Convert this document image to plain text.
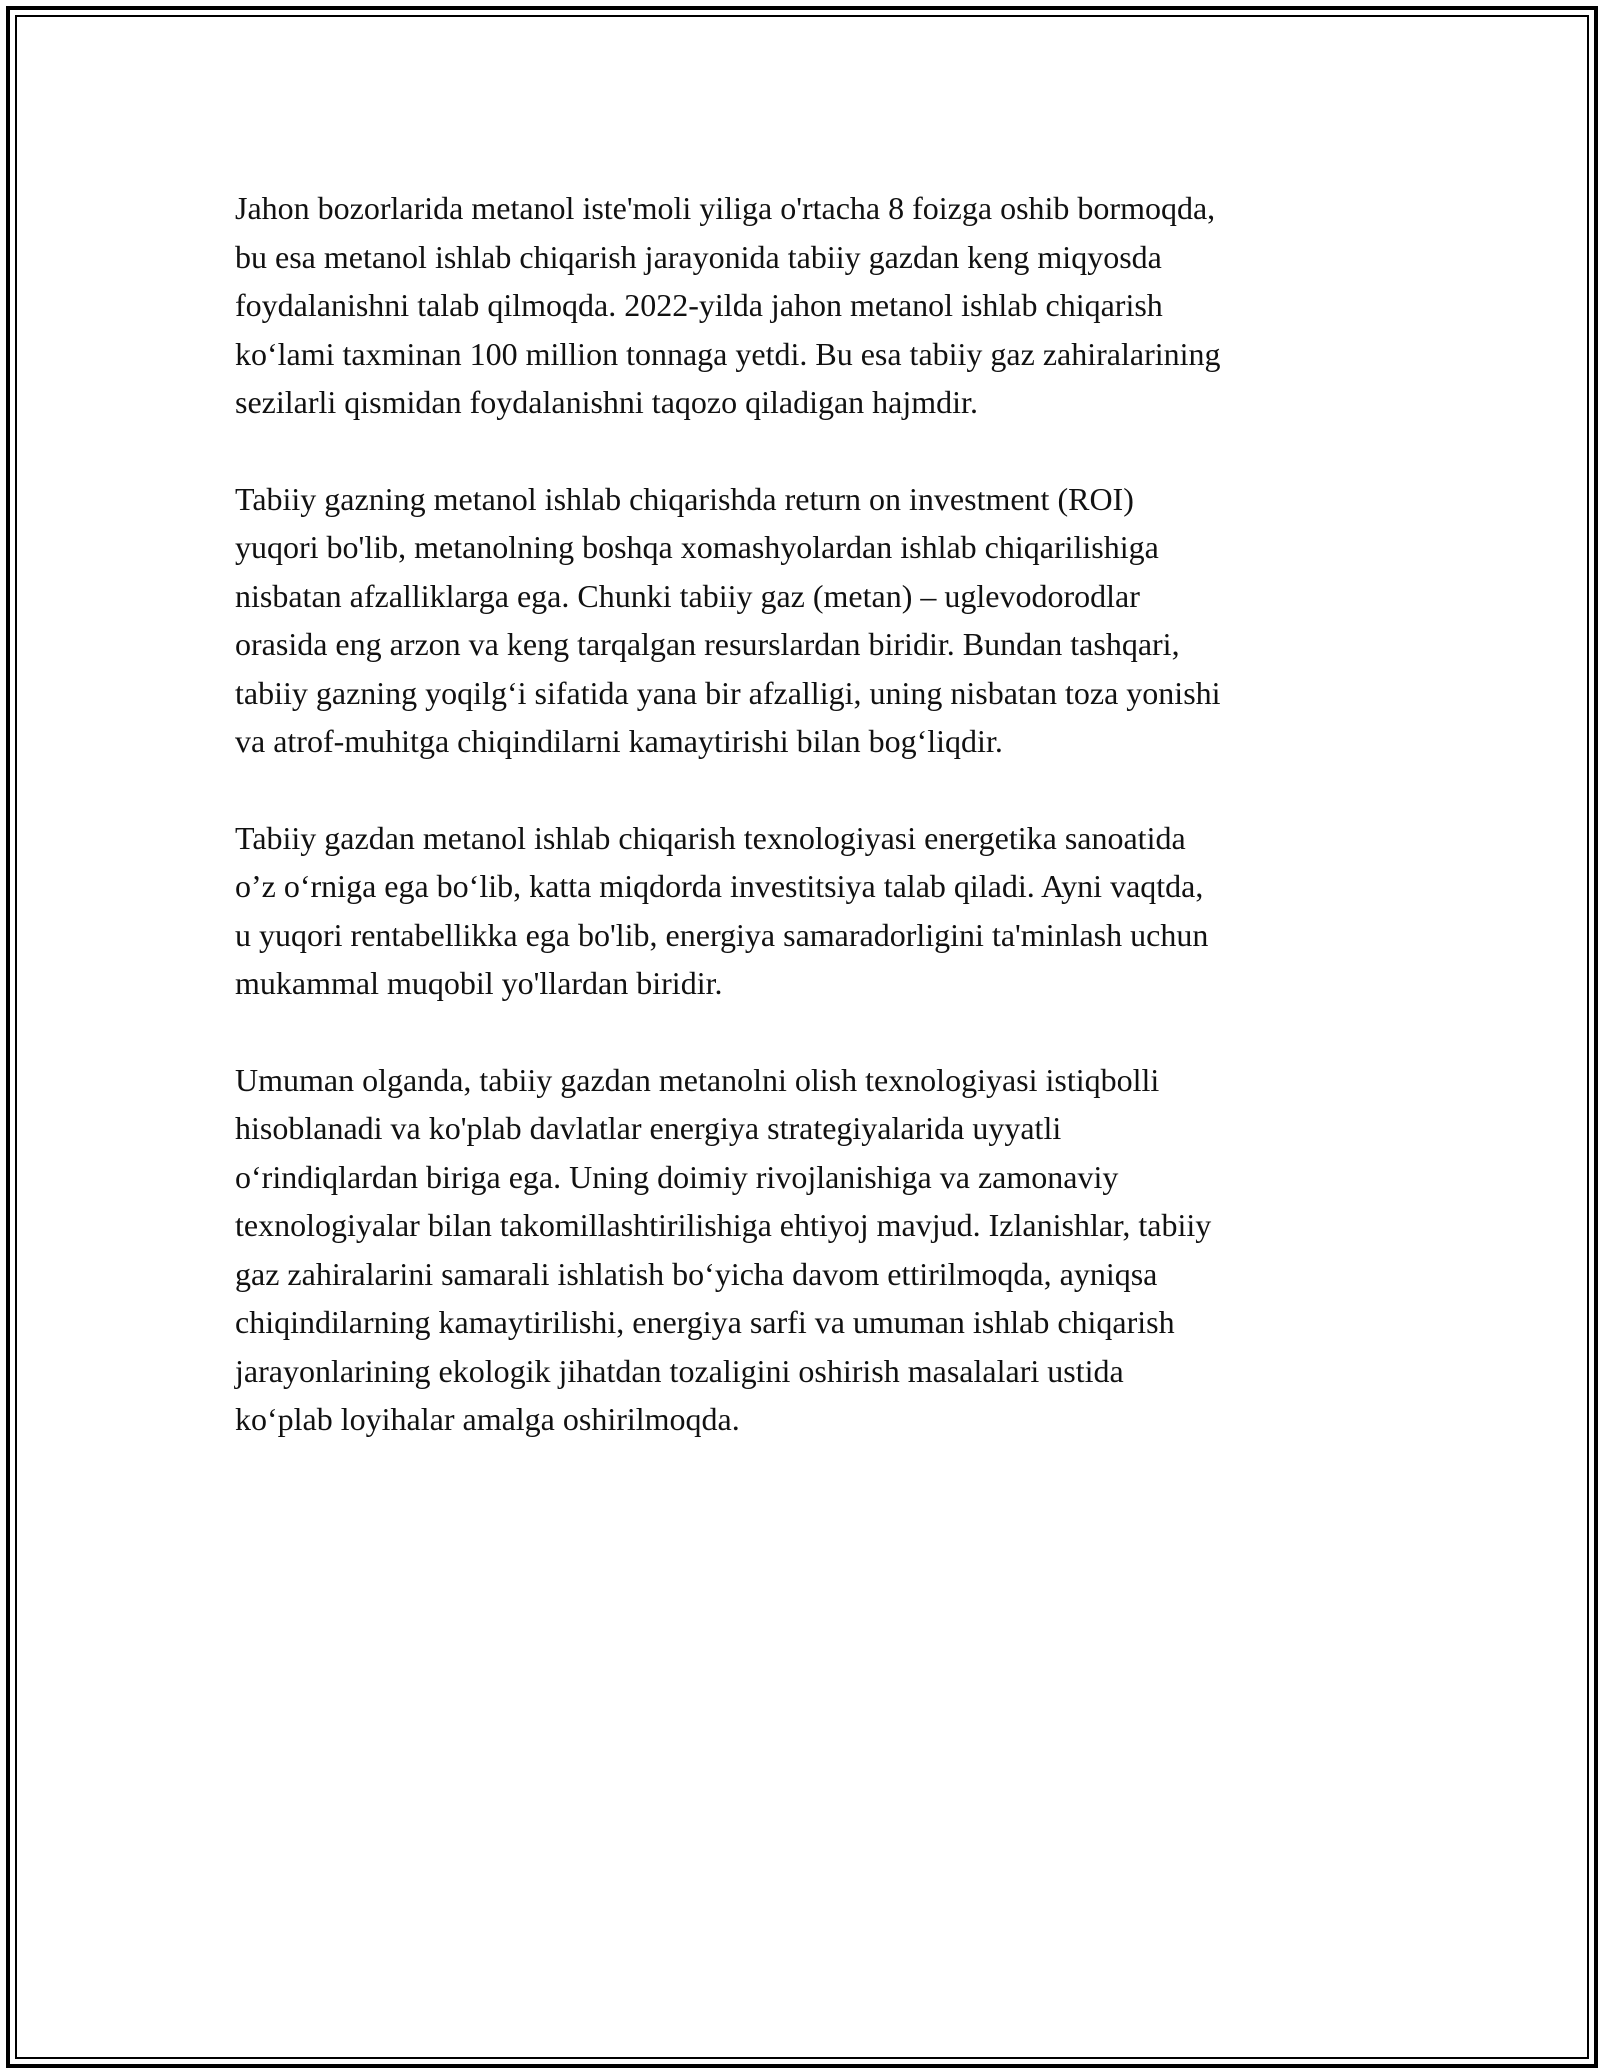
Jahon bozorlarida metanol iste'moli yiliga o'rtacha 8 foizga oshib bormoqda,
bu esa metanol ishlab chiqarish jarayonida tabiiy gazdan keng miqyosda
foydalanishni talab qilmoqda. 2022-yilda jahon metanol ishlab chiqarish
ko‘lami taxminan 100 million tonnaga yetdi. Bu esa tabiiy gaz zahiralarining
sezilarli qismidan foydalanishni taqozo qiladigan hajmdir.

Tabiiy gazning metanol ishlab chiqarishda return on investment (ROI)
yuqori bo'lib, metanolning boshqa xomashyolardan ishlab chiqarilishiga
nisbatan afzalliklarga ega. Chunki tabiiy gaz (metan) – uglevodorodlar
orasida eng arzon va keng tarqalgan resurslardan biridir. Bundan tashqari,
tabiiy gazning yoqilg‘i sifatida yana bir afzalligi, uning nisbatan toza yonishi
va atrof-muhitga chiqindilarni kamaytirishi bilan bog‘liqdir.

Tabiiy gazdan metanol ishlab chiqarish texnologiyasi energetika sanoatida
o’z o‘rniga ega bo‘lib, katta miqdorda investitsiya talab qiladi. Ayni vaqtda,
u yuqori rentabellikka ega bo'lib, energiya samaradorligini ta'minlash uchun
mukammal muqobil yo'llardan biridir.

Umuman olganda, tabiiy gazdan metanolni olish texnologiyasi istiqbolli
hisoblanadi va ko'plab davlatlar energiya strategiyalarida uyyatli
o‘rindiqlardan biriga ega. Uning doimiy rivojlanishiga va zamonaviy
texnologiyalar bilan takomillashtirilishiga ehtiyoj mavjud. Izlanishlar, tabiiy
gaz zahiralarini samarali ishlatish bo‘yicha davom ettirilmoqda, ayniqsa
chiqindilarning kamaytirilishi, energiya sarfi va umuman ishlab chiqarish
jarayonlarining ekologik jihatdan tozaligini oshirish masalalari ustida
ko‘plab loyihalar amalga oshirilmoqda.
